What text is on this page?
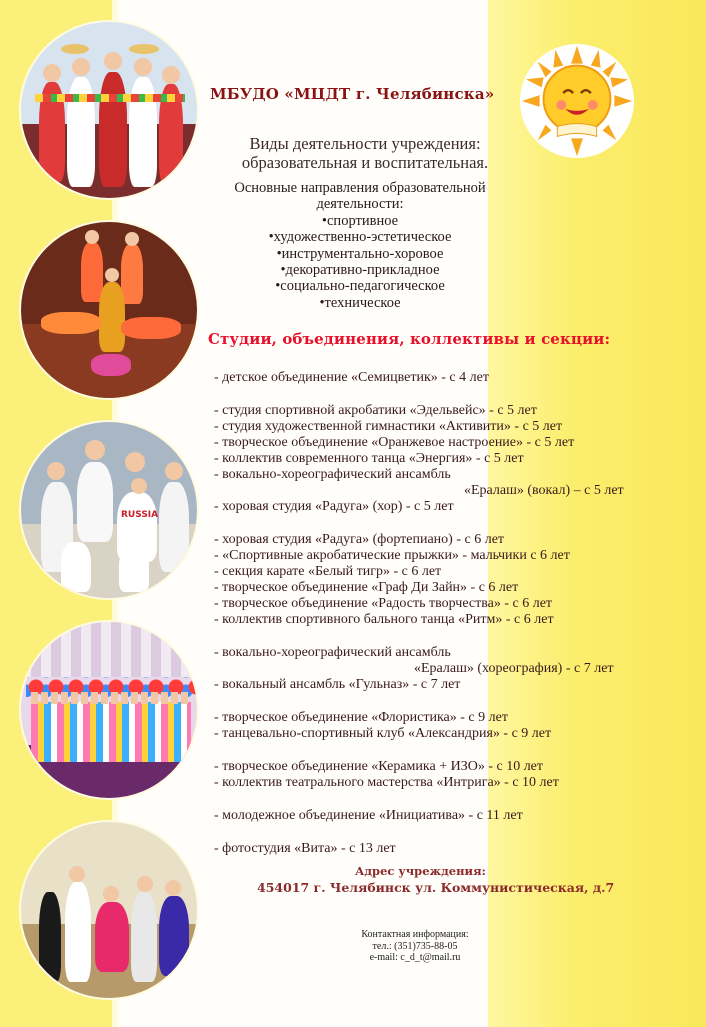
RUSSIA
МБУДО «МЦДТ г. Челябинска»
Виды деятельности учреждения:
образовательная и воспитательная.
Основные направления образовательной
деятельности:
•спортивное
•художественно-эстетическое
•инструментально-хоровое
•декоративно-прикладное
•социально-педагогическое
•техническое
Студии, объединения, коллективы и секции:
- детское объединение «Семицветик» - с 4 лет
- студия спортивной акробатики «Эдельвейс» - с 5 лет
- студия художественной гимнастики «Активити» - с 5 лет
- творческое объединение «Оранжевое настроение» - с 5 лет
- коллектив современного танца «Энергия» - с 5 лет
- вокально-хореографический ансамбль
«Ералаш» (вокал) – с 5 лет
- хоровая студия «Радуга» (хор) - с 5 лет
- хоровая студия «Радуга» (фортепиано) - с 6 лет
- «Спортивные акробатические прыжки» - мальчики с 6 лет
- секция карате «Белый тигр» - с 6 лет
- творческое объединение «Граф Ди Зайн» - с 6 лет
- творческое объединение «Радость творчества» - с 6 лет
- коллектив спортивного бального танца «Ритм» - с 6 лет
- вокально-хореографический ансамбль
«Ералаш» (хореография) - с 7 лет
- вокальный ансамбль «Гульназ» - с 7 лет
- творческое объединение «Флористика» - с 9 лет
- танцевально-спортивный клуб «Александрия» - с 9 лет
- творческое объединение «Керамика + ИЗО» - с 10 лет
- коллектив театрального мастерства «Интрига» - с 10 лет
- молодежное объединение «Инициатива» - с 11 лет
- фотостудия «Вита» - с 13 лет
Адрес учреждения:
454017 г. Челябинск ул. Коммунистическая, д.7
Контактная информация:
тел.: (351)735-88-05
e-mail: c_d_t@mail.ru
